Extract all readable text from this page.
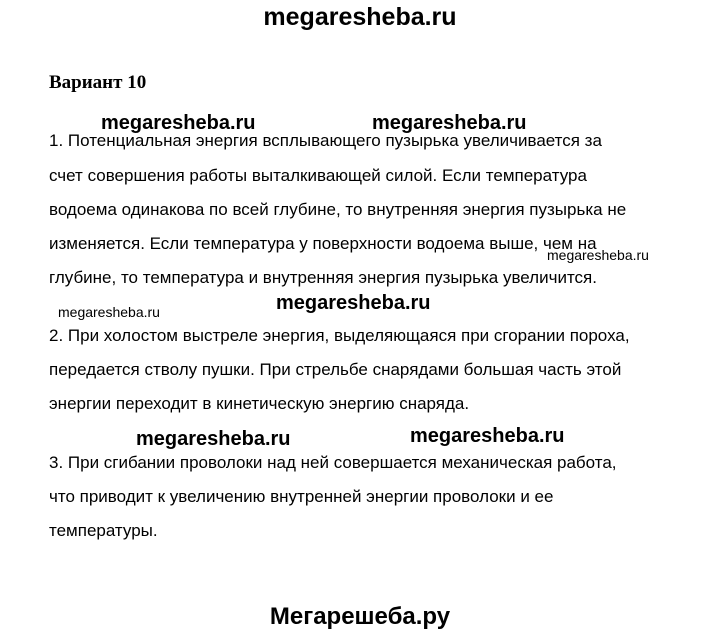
megaresheba.ru
Вариант 10
1. Потенциальная энергия всплывающего пузырька увеличивается за
счет совершения работы выталкивающей силой. Если температура
водоема одинакова по всей глубине, то внутренняя энергия пузырька не
изменяется. Если температура у поверхности водоема выше, чем на
глубине, то температура и внутренняя энергия пузырька увеличится.
2. При холостом выстреле энергия, выделяющаяся при сгорании пороха,
передается стволу пушки. При стрельбе снарядами большая часть этой
энергии переходит в кинетическую энергию снаряда.
3. При сгибании проволоки над ней совершается механическая работа,
что приводит к увеличению внутренней энергии проволоки и ее
температуры.
megaresheba.ru	megaresheba.ru
megaresheba.ru
megaresheba.ru	megaresheba.ru
megaresheba.ru	megaresheba.ru
Мегарешеба.ру
